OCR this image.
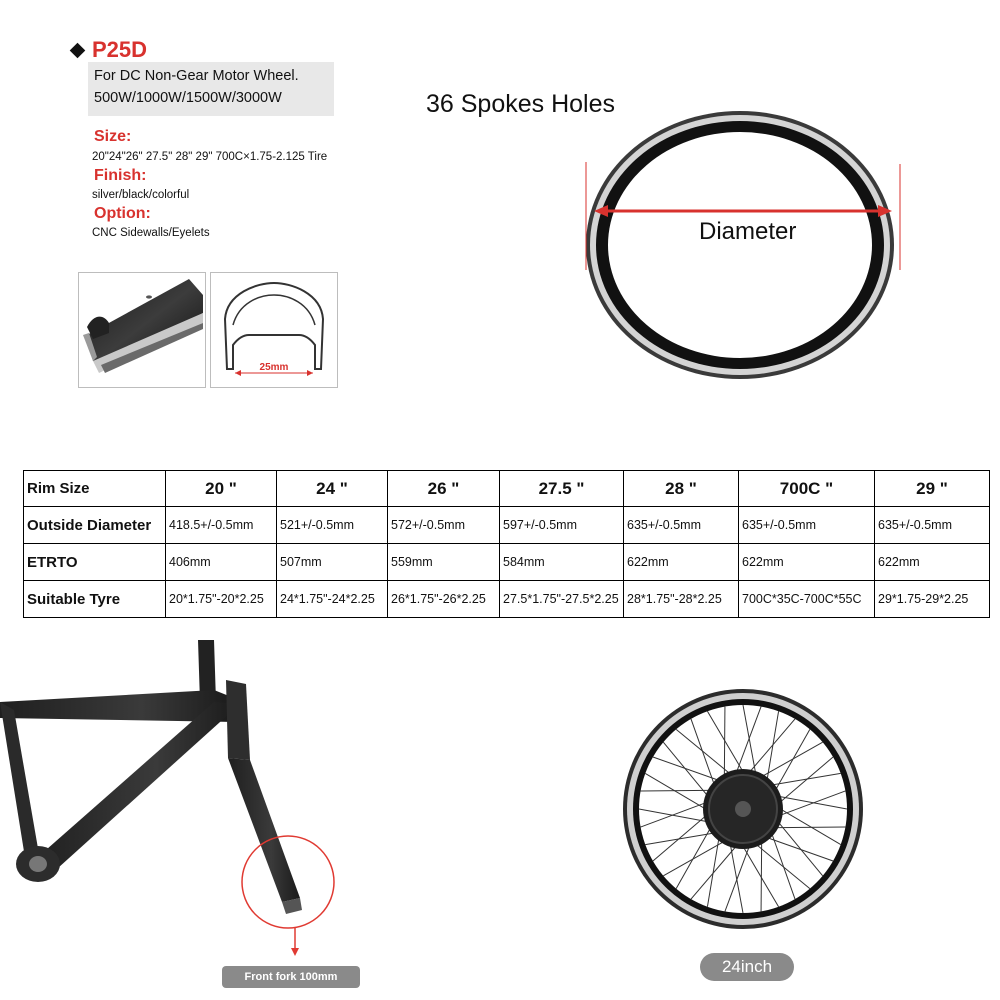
P25D
For DC Non-Gear Motor Wheel.
500W/1000W/1500W/3000W
Size:
20"24"26" 27.5" 28" 29" 700C×1.75-2.125 Tire
Finish:
silver/black/colorful
Option:
CNC Sidewalls/Eyelets
25mm
36 Spokes Holes
Diameter
Rim Size	20 "	24 "	26 "	27.5 "	28 "	700C "	29 "
Outside Diameter	418.5+/-0.5mm	521+/-0.5mm	572+/-0.5mm	597+/-0.5mm	635+/-0.5mm	635+/-0.5mm	635+/-0.5mm
ETRTO	406mm	507mm	559mm	584mm	622mm	622mm	622mm
Suitable Tyre	20*1.75"-20*2.25	24*1.75"-24*2.25	26*1.75"-26*2.25	27.5*1.75"-27.5*2.25	28*1.75"-28*2.25	700C*35C-700C*55C	29*1.75-29*2.25
Front fork 100mm
24inch
